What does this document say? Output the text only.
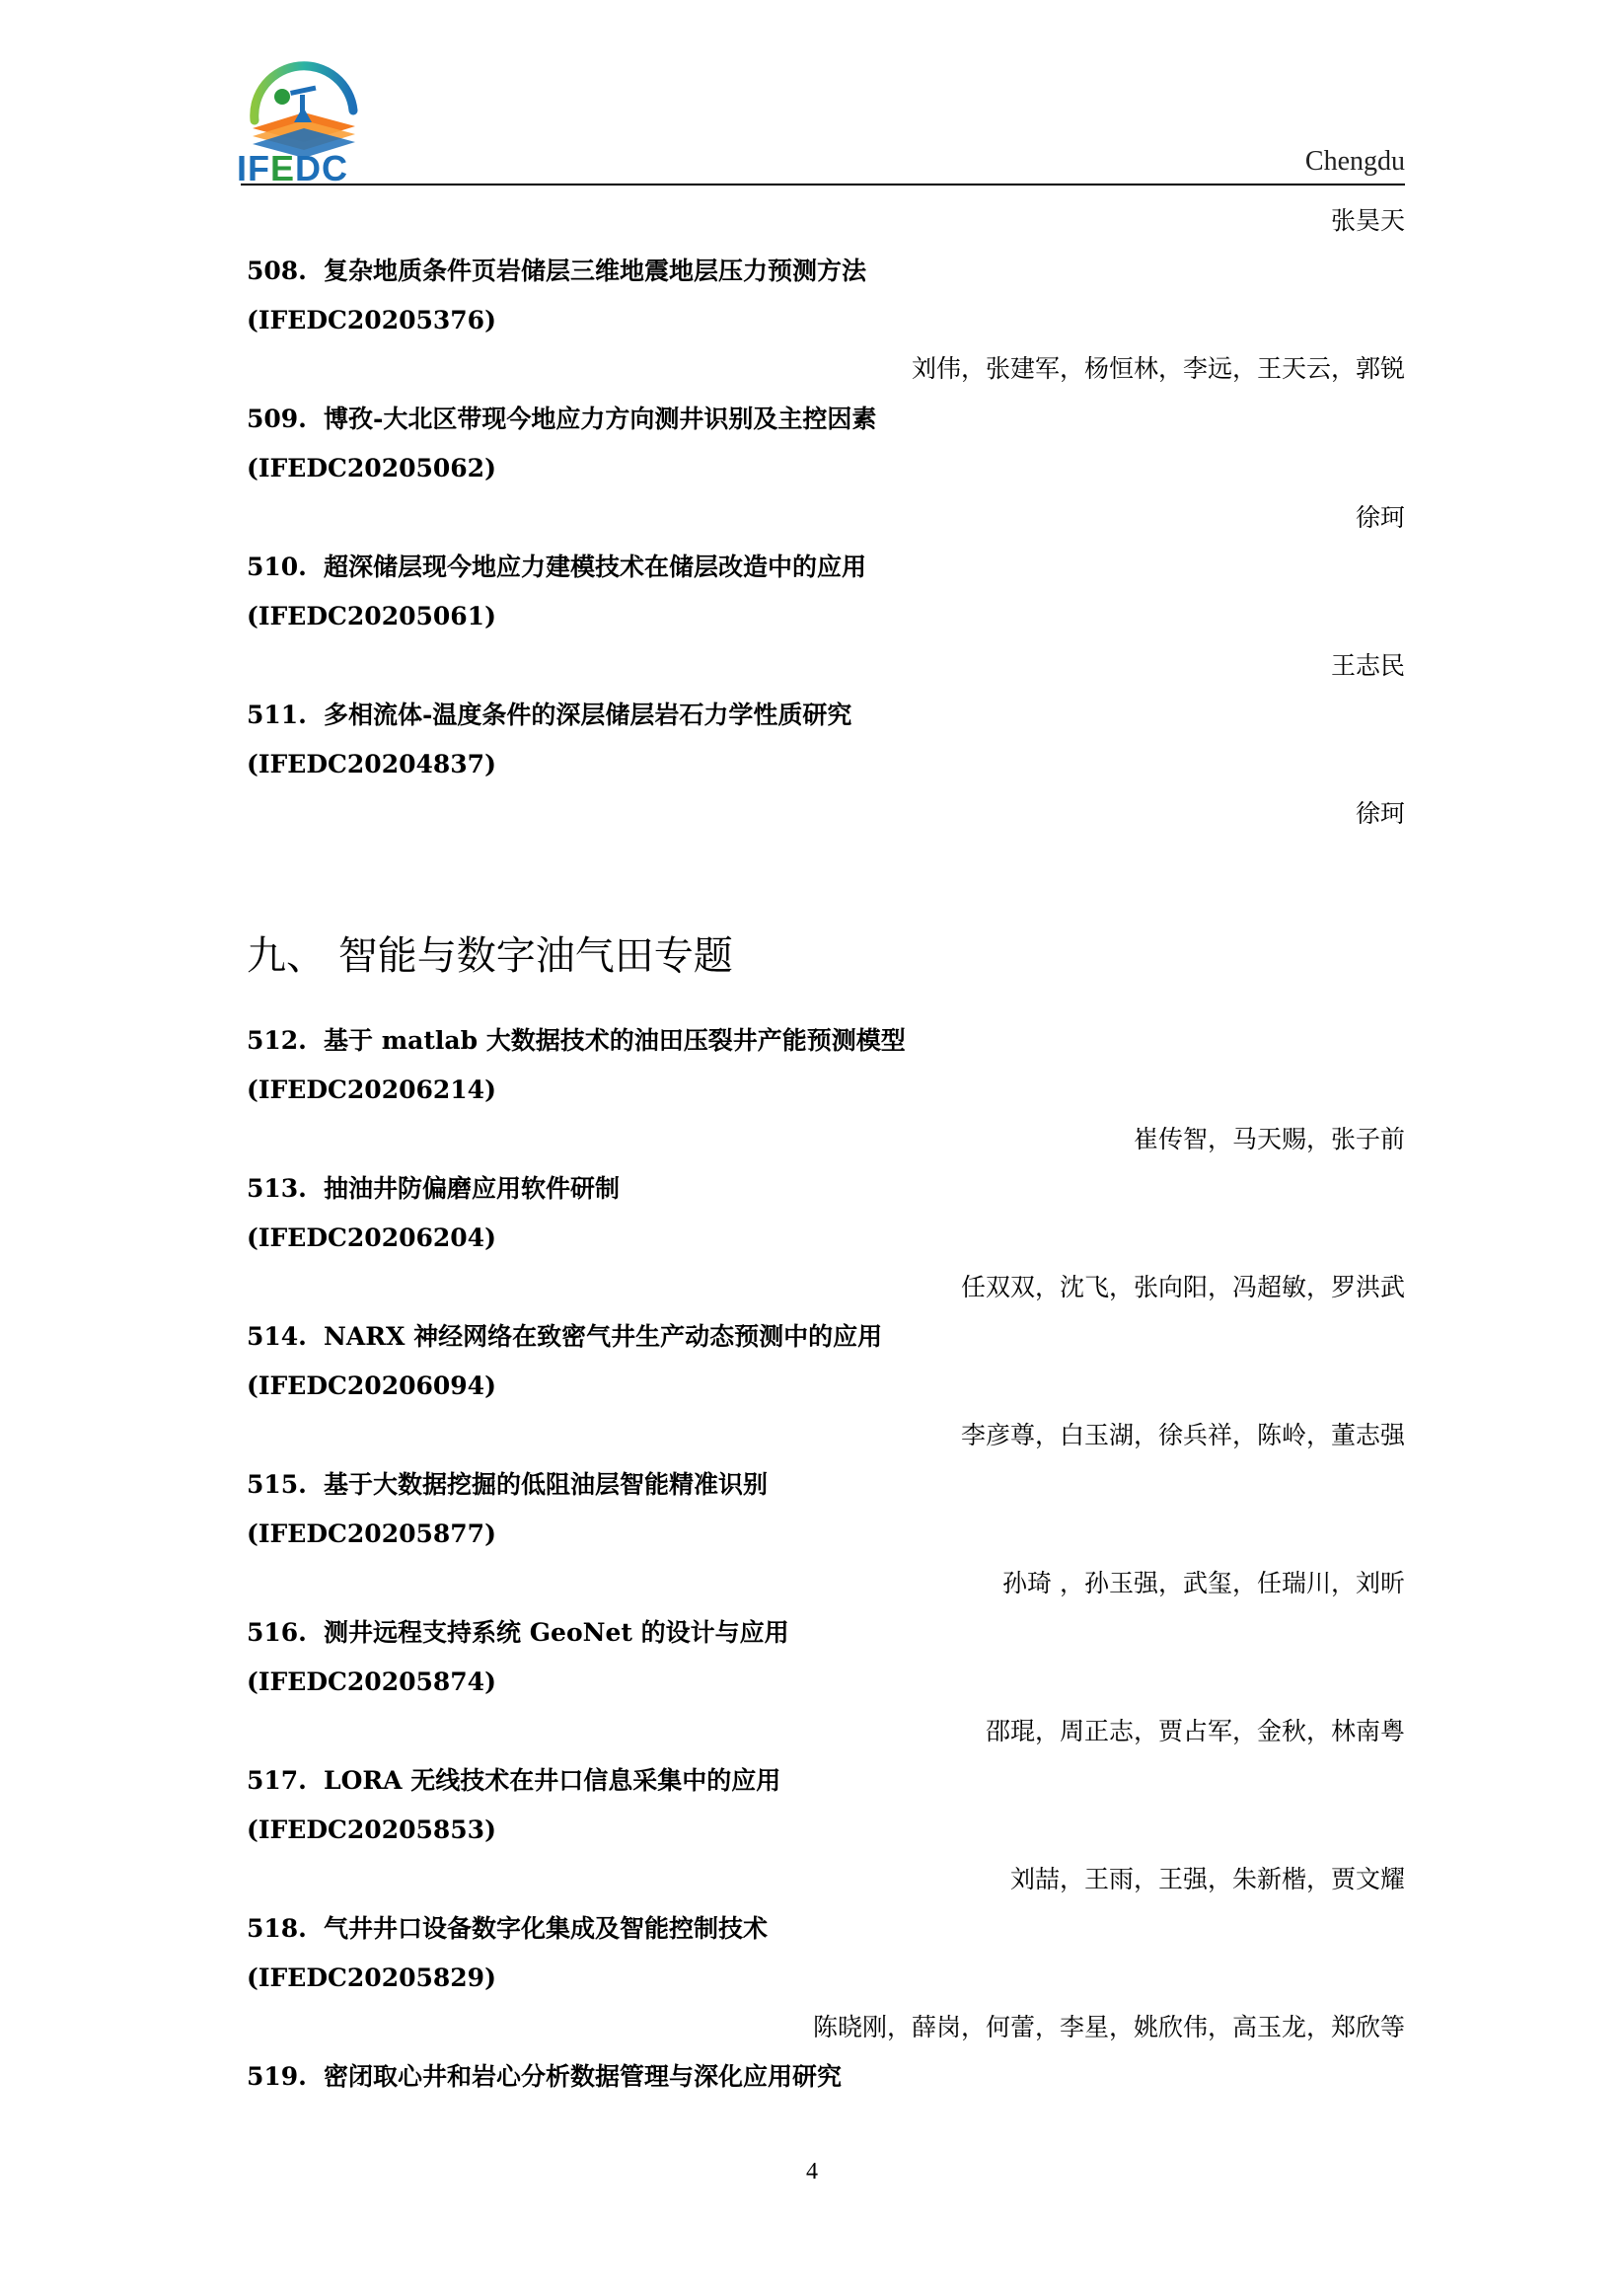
IFEDC	Chengdu
张昊天
508. 复杂地质条件页岩储层三维地震地层压力预测方法
(IFEDC20205376)
刘伟，张建军，杨恒林，李远，王天云，郭锐
509. 博孜-大北区带现今地应力方向测井识别及主控因素
(IFEDC20205062)
徐珂
510. 超深储层现今地应力建模技术在储层改造中的应用
(IFEDC20205061)
王志民
511. 多相流体-温度条件的深层储层岩石力学性质研究
(IFEDC20204837)
徐珂
九、 智能与数字油气田专题
512. 基于 matlab 大数据技术的油田压裂井产能预测模型
(IFEDC20206214)
崔传智，马天赐，张子前
513. 抽油井防偏磨应用软件研制
(IFEDC20206204)
任双双，沈飞，张向阳，冯超敏，罗洪武
514. NARX 神经网络在致密气井生产动态预测中的应用
(IFEDC20206094)
李彦尊，白玉湖，徐兵祥，陈岭，董志强
515. 基于大数据挖掘的低阻油层智能精准识别
(IFEDC20205877)
孙琦 ，孙玉强，武玺，任瑞川，刘昕
516. 测井远程支持系统 GeoNet 的设计与应用
(IFEDC20205874)
邵琨，周正志，贾占军，金秋，林南粤
517. LORA 无线技术在井口信息采集中的应用
(IFEDC20205853)
刘喆，王雨，王强，朱新楷，贾文耀
518. 气井井口设备数字化集成及智能控制技术
(IFEDC20205829)
陈晓刚，薛岗，何蕾，李星，姚欣伟，高玉龙，郑欣等
519. 密闭取心井和岩心分析数据管理与深化应用研究
4
